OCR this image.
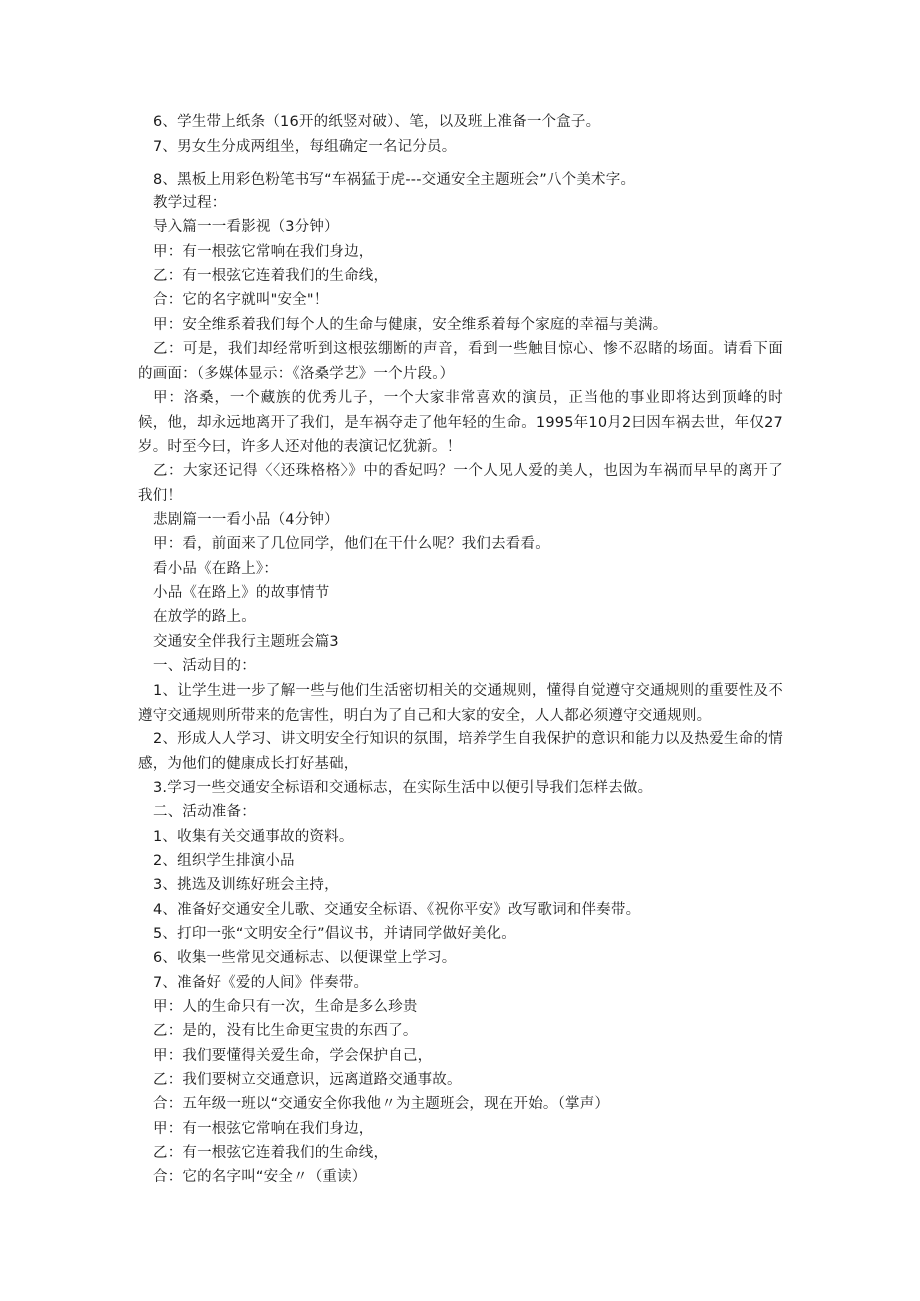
6、学生带上纸条（16开的纸竖对破）、笔，以及班上准备一个盒子。
7、男女生分成两组坐，每组确定一名记分员。
8、黑板上用彩色粉笔书写“车祸猛于虎---交通安全主题班会”八个美术字。
教学过程：
导入篇一一看影视（3分钟）
甲：有一根弦它常响在我们身边，
乙：有一根弦它连着我们的生命线，
合：它的名字就叫"安全"！
甲：安全维系着我们每个人的生命与健康，安全维系着每个家庭的幸福与美满。
乙：可是，我们却经常听到这根弦绷断的声音，看到一些触目惊心、惨不忍睹的场面。请看下面的画面：（多媒体显示：《洛桑学艺》一个片段。）
甲：洛桑，一个藏族的优秀儿子，一个大家非常喜欢的演员，正当他的事业即将达到顶峰的时候，他，却永远地离开了我们，是车祸夺走了他年轻的生命。1995年10月2曰因车祸去世，年仅27岁。时至今曰，许多人还对他的表演记忆犹新。！
乙：大家还记得〈〈还珠格格〉》中的香妃吗？一个人见人爱的美人，也因为车祸而早早的离开了我们！
悲剧篇一一看小品（4分钟）
甲：看，前面来了几位同学，他们在干什么呢？我们去看看。
看小品《在路上》：
小品《在路上》的故事情节
在放学的路上。
交通安全伴我行主题班会篇3
一、活动目的：
1、让学生进一步了解一些与他们生活密切相关的交通规则，懂得自觉遵守交通规则的重要性及不遵守交通规则所带来的危害性，明白为了自己和大家的安全，人人都必须遵守交通规则。
2、形成人人学习、讲文明安全行知识的氛围，培养学生自我保护的意识和能力以及热爱生命的情感，为他们的健康成长打好基础，
3.学习一些交通安全标语和交通标志，在实际生活中以便引导我们怎样去做。
二、活动准备：
1、收集有关交通事故的资料。
2、组织学生排演小品
3、挑选及训练好班会主持，
4、准备好交通安全儿歌、交通安全标语、《祝你平安》改写歌词和伴奏带。
5、打印一张“文明安全行”倡议书，并请同学做好美化。
6、收集一些常见交通标志、以便课堂上学习。
7、准备好《爱的人间》伴奏带。
甲：人的生命只有一次，生命是多么珍贵
乙：是的，没有比生命更宝贵的东西了。
甲：我们要懂得关爱生命，学会保护自己，
乙：我们要树立交通意识，远离道路交通事故。
合：五年级一班以“交通安全你我他〃为主题班会，现在开始。（掌声）
甲：有一根弦它常响在我们身边，
乙：有一根弦它连着我们的生命线，
合：它的名字叫“安全〃（重读）
